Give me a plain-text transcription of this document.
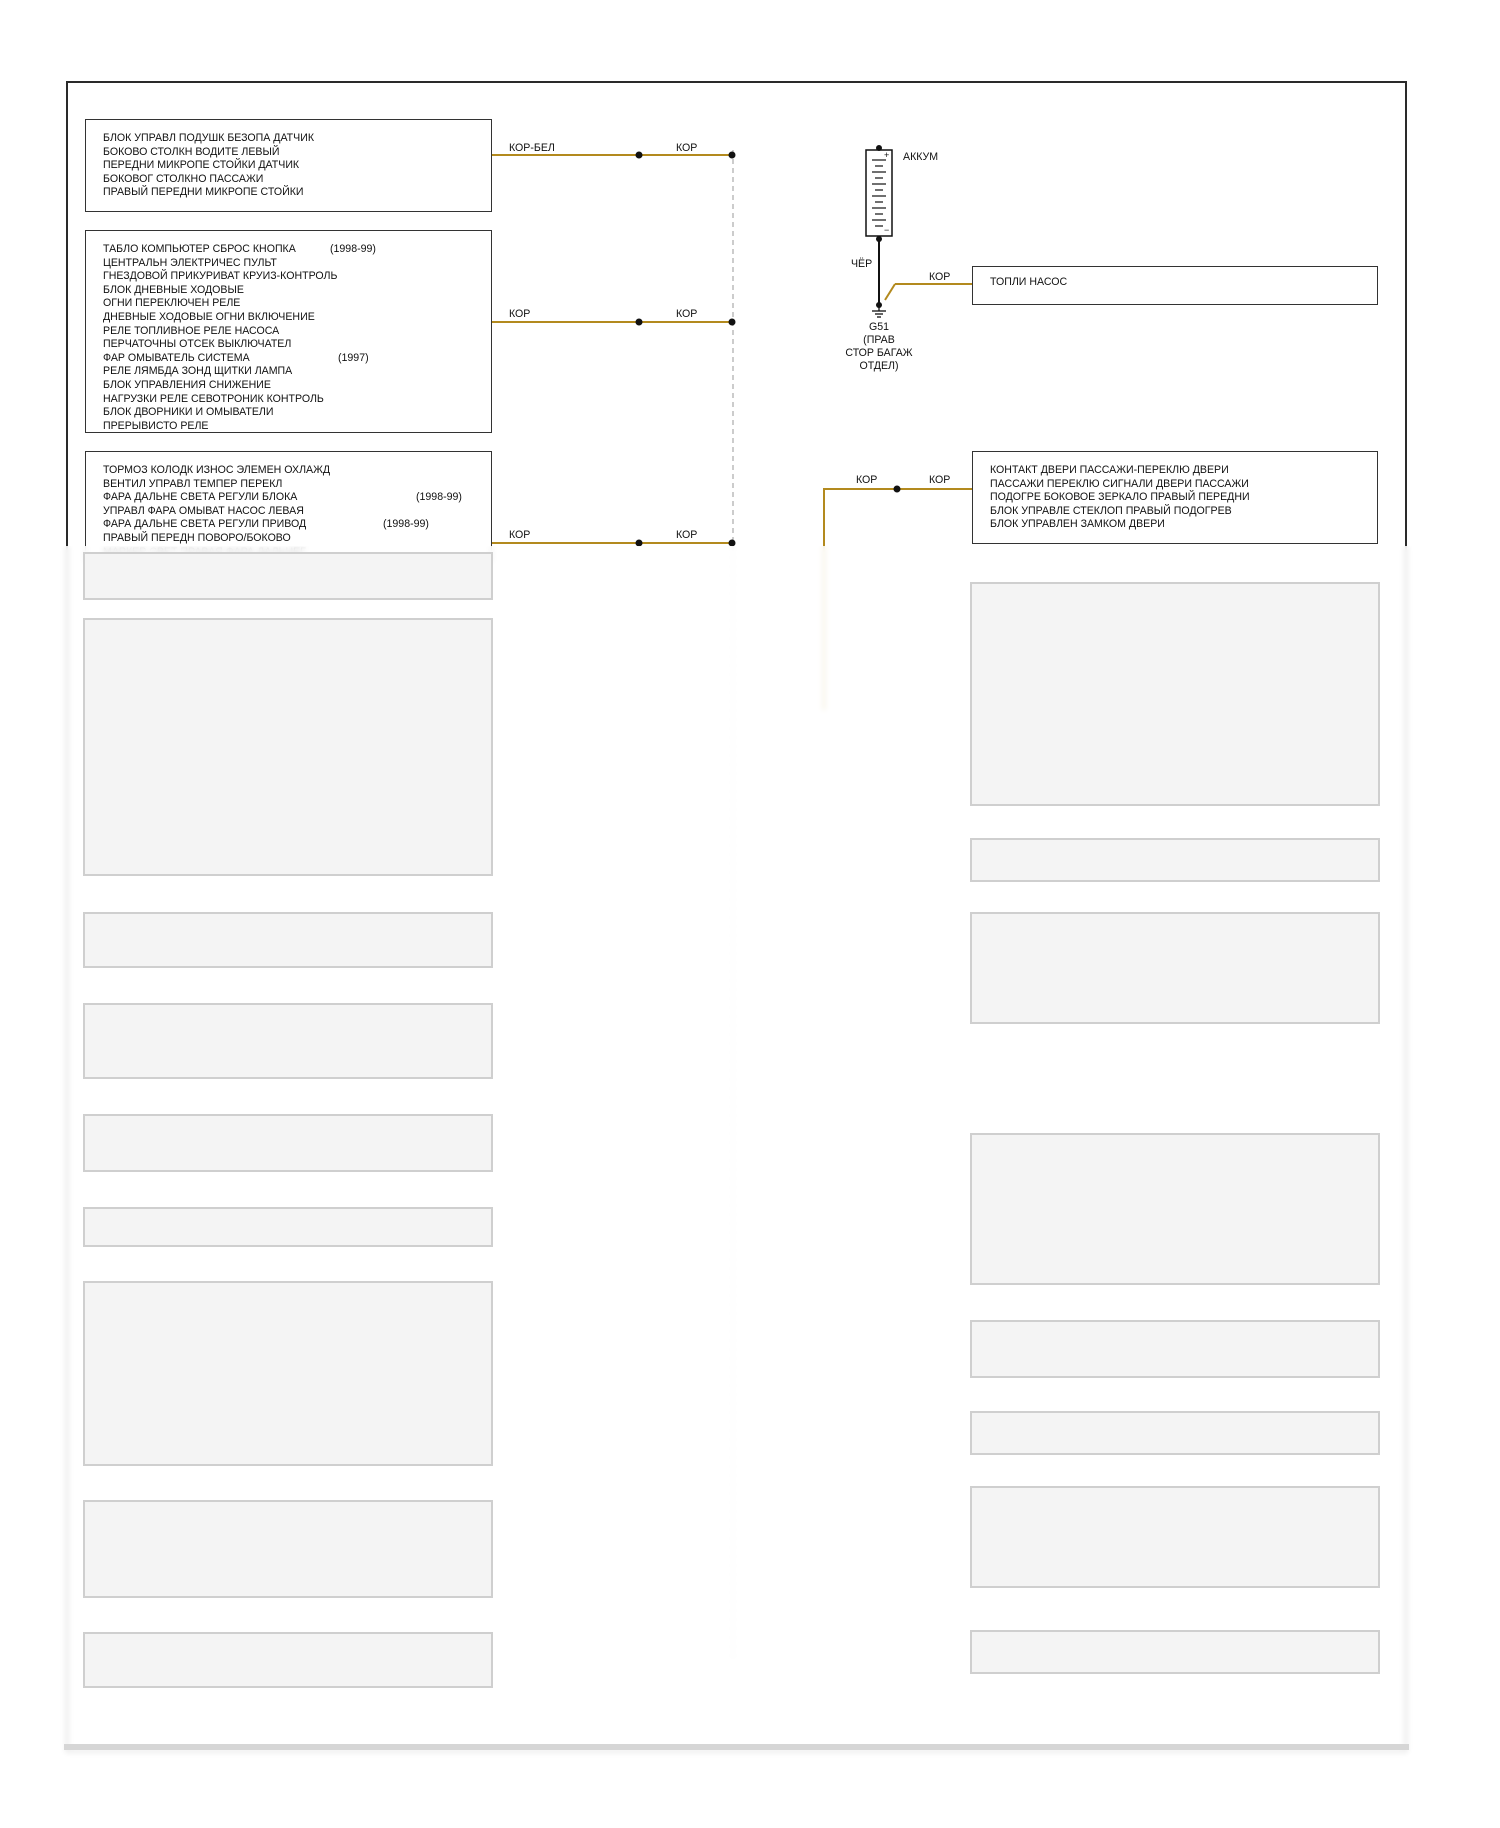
БЛОК УПРАВЛ ПОДУШК БЕЗОПА ДАТЧИК
БОКОВО СТОЛКН ВОДИТЕ ЛЕВЫЙ
ПЕРЕДНИ МИКРОПЕ СТОЙКИ ДАТЧИК
БОКОВОГ СТОЛКНО ПАССАЖИ
ПРАВЫЙ ПЕРЕДНИ МИКРОПЕ СТОЙКИ
ТАБЛО КОМПЬЮТЕР СБРОС КНОПКА	(1998-99)
ЦЕНТРАЛЬН ЭЛЕКТРИЧЕС ПУЛЬТ
ГНЕЗДОВОЙ ПРИКУРИВАТ КРУИЗ-КОНТРОЛЬ
БЛОК ДНЕВНЫЕ ХОДОВЫЕ
ОГНИ ПЕРЕКЛЮЧЕН РЕЛЕ
ДНЕВНЫЕ ХОДОВЫЕ ОГНИ ВКЛЮЧЕНИЕ
РЕЛЕ ТОПЛИВНОЕ РЕЛЕ НАСОСА
ПЕРЧАТОЧНЫ ОТСЕК ВЫКЛЮЧАТЕЛ
ФАР ОМЫВАТЕЛЬ СИСТЕМА	(1997)
РЕЛЕ ЛЯМБДА ЗОНД ЩИТКИ ЛАМПА
БЛОК УПРАВЛЕНИЯ СНИЖЕНИЕ
НАГРУЗКИ РЕЛЕ СЕВОТРОНИК КОНТРОЛЬ
БЛОК ДВОРНИКИ И ОМЫВАТЕЛИ
ПРЕРЫВИСТО РЕЛЕ
ТОРМОЗ КОЛОДК ИЗНОС ЭЛЕМЕН ОХЛАЖД
ВЕНТИЛ УПРАВЛ ТЕМПЕР ПЕРЕКЛ
ФАРА ДАЛЬНЕ СВЕТА РЕГУЛИ БЛОКА	(1998-99)
УПРАВЛ ФАРА ОМЫВАТ НАСОС ЛЕВАЯ
ФАРА ДАЛЬНЕ СВЕТА РЕГУЛИ ПРИВОД	(1998-99)
ПРАВЫЙ ПЕРЕДН ПОВОРО/БОКОВО
ТОПЛИ НАСОС
КОНТАКТ ДВЕРИ ПАССАЖИ-ПЕРЕКЛЮ ДВЕРИ
ПАССАЖИ ПЕРЕКЛЮ СИГНАЛИ ДВЕРИ ПАССАЖИ
ПОДОГРЕ БОКОВОЕ ЗЕРКАЛО ПРАВЫЙ ПЕРЕДНИ
БЛОК УПРАВЛЕ СТЕКЛОП ПРАВЫЙ ПОДОГРЕВ
БЛОК УПРАВЛЕН ЗАМКОМ ДВЕРИ
КОР-БЕЛ	КОР
КОР	КОР
КОР	КОР
ЧЁР
КОР
КОР	КОР
АККУМ
+
−
G51
(ПРАВ
СТОР БАГАЖ
ОТДЕЛ)
